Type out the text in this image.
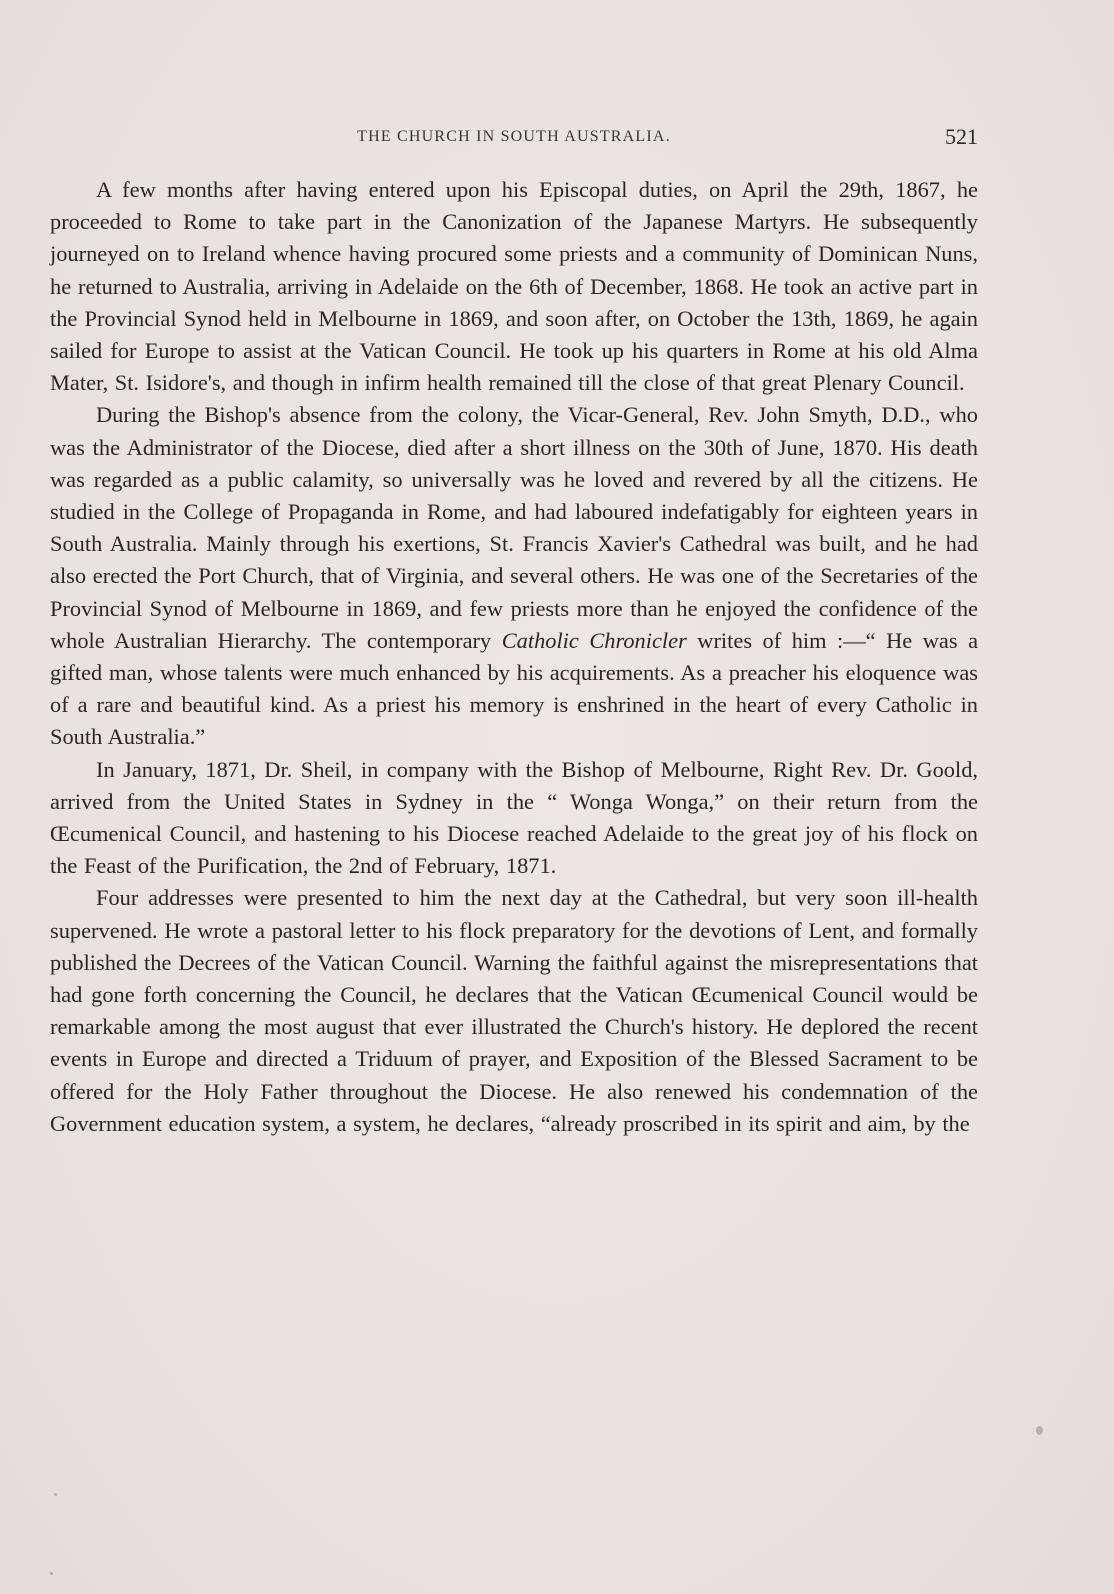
THE CHURCH IN SOUTH AUSTRALIA.	521

A few months after having entered upon his Episcopal duties, on April the 29th, 1867, he proceeded to Rome to take part in the Canonization of the Japanese Martyrs. He subsequently journeyed on to Ireland whence having procured some priests and a community of Dominican Nuns, he returned to Australia, arriving in Adelaide on the 6th of December, 1868. He took an active part in the Provincial Synod held in Melbourne in 1869, and soon after, on October the 13th, 1869, he again sailed for Europe to assist at the Vatican Council. He took up his quarters in Rome at his old Alma Mater, St. Isidore's, and though in infirm health remained till the close of that great Plenary Council.

During the Bishop's absence from the colony, the Vicar-General, Rev. John Smyth, D.D., who was the Administrator of the Diocese, died after a short illness on the 30th of June, 1870. His death was regarded as a public calamity, so universally was he loved and revered by all the citizens. He studied in the College of Propaganda in Rome, and had laboured indefatigably for eighteen years in South Australia. Mainly through his exertions, St. Francis Xavier's Cathedral was built, and he had also erected the Port Church, that of Virginia, and several others. He was one of the Secretaries of the Provincial Synod of Melbourne in 1869, and few priests more than he enjoyed the confidence of the whole Australian Hierarchy. The contemporary Catholic Chronicler writes of him :—“ He was a gifted man, whose talents were much enhanced by his acquirements. As a preacher his eloquence was of a rare and beautiful kind. As a priest his memory is enshrined in the heart of every Catholic in South Australia.”

In January, 1871, Dr. Sheil, in company with the Bishop of Melbourne, Right Rev. Dr. Goold, arrived from the United States in Sydney in the “ Wonga Wonga,” on their return from the Œcumenical Council, and hastening to his Diocese reached Adelaide to the great joy of his flock on the Feast of the Purification, the 2nd of February, 1871.

Four addresses were presented to him the next day at the Cathedral, but very soon ill-health supervened. He wrote a pastoral letter to his flock preparatory for the devotions of Lent, and formally published the Decrees of the Vatican Council. Warning the faithful against the misrepresentations that had gone forth concerning the Council, he declares that the Vatican Œcumenical Council would be remarkable among the most august that ever illustrated the Church's history. He deplored the recent events in Europe and directed a Triduum of prayer, and Exposition of the Blessed Sacrament to be offered for the Holy Father throughout the Diocese. He also renewed his condemnation of the Government education system, a system, he declares, “already proscribed in its spirit and aim, by the
